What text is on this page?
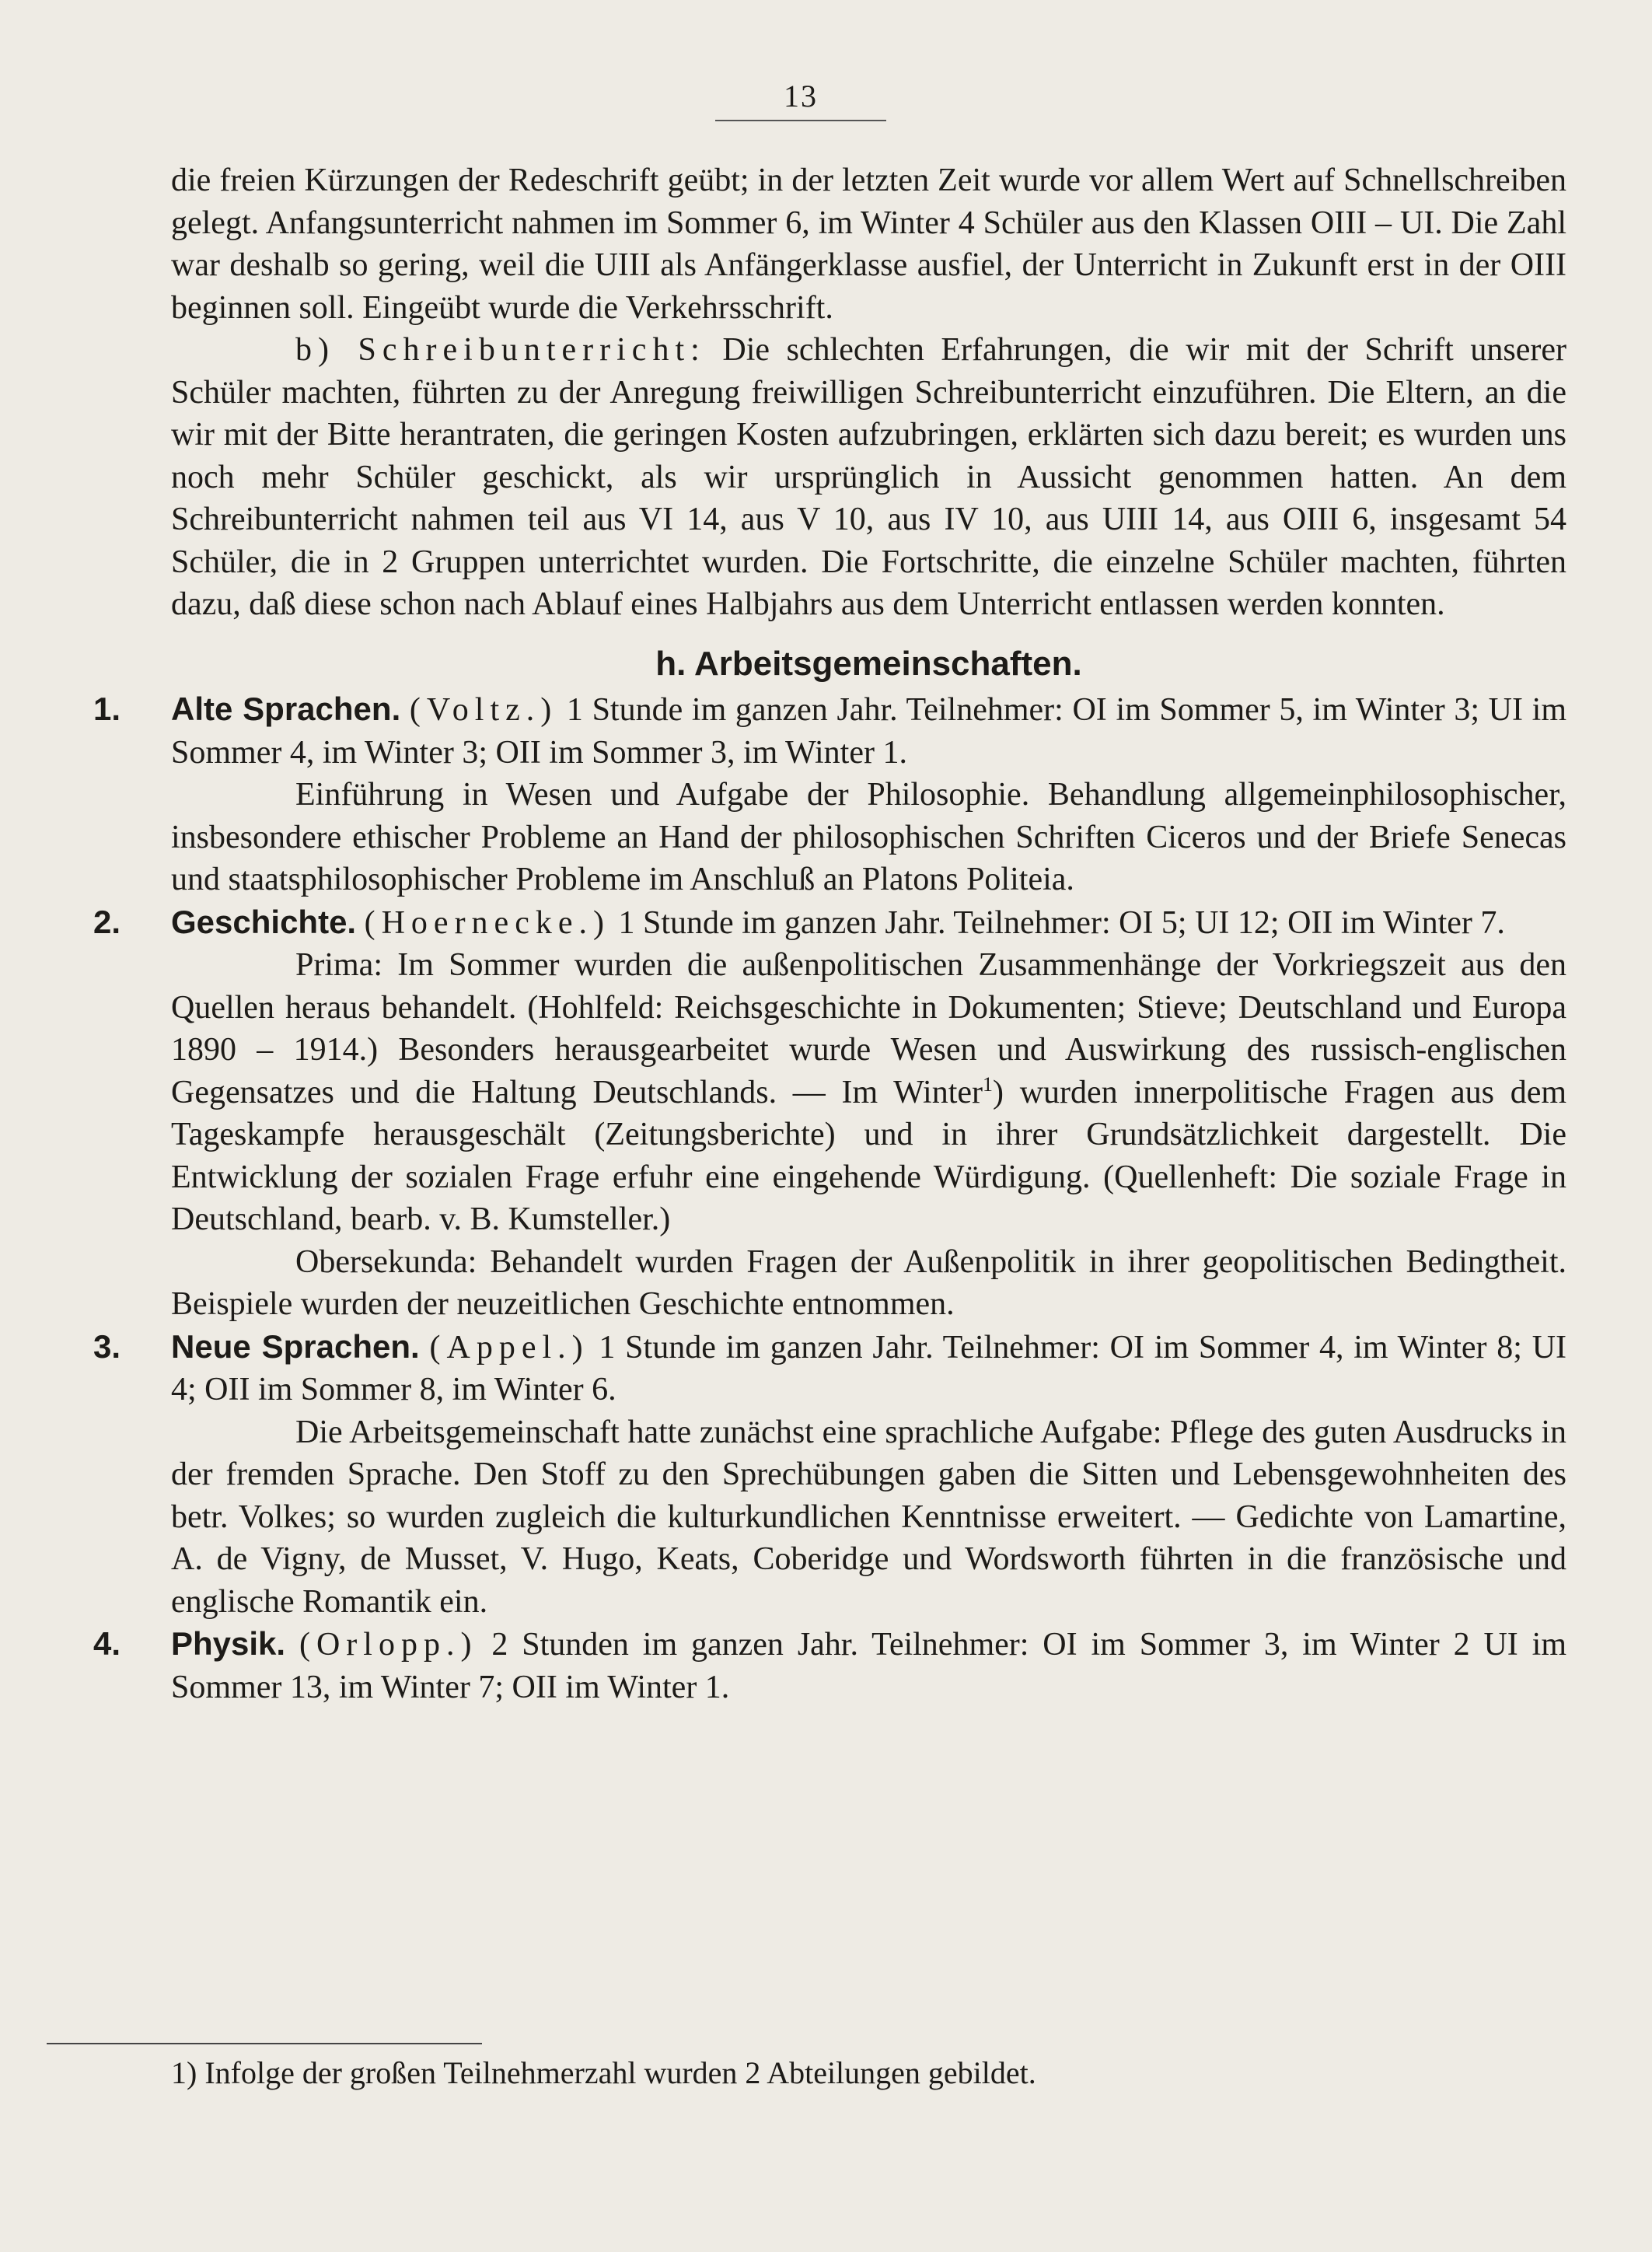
13

die freien Kürzungen der Redeschrift geübt; in der letzten Zeit wurde vor allem Wert auf Schnellschreiben gelegt. Anfangsunterricht nahmen im Sommer 6, im Winter 4 Schüler aus den Klassen OIII – UI. Die Zahl war deshalb so gering, weil die UIII als Anfängerklasse ausfiel, der Unterricht in Zukunft erst in der OIII beginnen soll. Eingeübt wurde die Verkehrsschrift.

b) Schreibunterricht: Die schlechten Erfahrungen, die wir mit der Schrift unserer Schüler machten, führten zu der Anregung freiwilligen Schreibunterricht einzuführen. Die Eltern, an die wir mit der Bitte herantraten, die geringen Kosten aufzubringen, erklärten sich dazu bereit; es wurden uns noch mehr Schüler geschickt, als wir ursprünglich in Aussicht genommen hatten. An dem Schreibunterricht nahmen teil aus VI 14, aus V 10, aus IV 10, aus UIII 14, aus OIII 6, insgesamt 54 Schüler, die in 2 Gruppen unterrichtet wurden. Die Fortschritte, die einzelne Schüler machten, führten dazu, daß diese schon nach Ablauf eines Halbjahrs aus dem Unterricht entlassen werden konnten.

h. Arbeitsgemeinschaften.
1. Alte Sprachen. (Voltz.) 1 Stunde im ganzen Jahr. Teilnehmer: OI im Sommer 5, im Winter 3; UI im Sommer 4, im Winter 3; OII im Sommer 3, im Winter 1.

Einführung in Wesen und Aufgabe der Philosophie. Behandlung allgemeinphilosophischer, insbesondere ethischer Probleme an Hand der philosophischen Schriften Ciceros und der Briefe Senecas und staatsphilosophischer Probleme im Anschluß an Platons Politeia.

2. Geschichte. (Hoernecke.) 1 Stunde im ganzen Jahr. Teilnehmer: OI 5; UI 12; OII im Winter 7.

Prima: Im Sommer wurden die außenpolitischen Zusammenhänge der Vorkriegszeit aus den Quellen heraus behandelt. (Hohlfeld: Reichsgeschichte in Dokumenten; Stieve; Deutschland und Europa 1890 – 1914.) Besonders herausgearbeitet wurde Wesen und Auswirkung des russisch-englischen Gegensatzes und die Haltung Deutschlands. — Im Winter$^1$) wurden innerpolitische Fragen aus dem Tageskampfe herausgeschält (Zeitungsberichte) und in ihrer Grundsätzlichkeit dargestellt. Die Entwicklung der sozialen Frage erfuhr eine eingehende Würdigung. (Quellenheft: Die soziale Frage in Deutschland, bearb. v. B. Kumsteller.)

Obersekunda: Behandelt wurden Fragen der Außenpolitik in ihrer geopolitischen Bedingtheit. Beispiele wurden der neuzeitlichen Geschichte entnommen.

3. Neue Sprachen. (Appel.) 1 Stunde im ganzen Jahr. Teilnehmer: OI im Sommer 4, im Winter 8; UI 4; OII im Sommer 8, im Winter 6.

Die Arbeitsgemeinschaft hatte zunächst eine sprachliche Aufgabe: Pflege des guten Ausdrucks in der fremden Sprache. Den Stoff zu den Sprechübungen gaben die Sitten und Lebensgewohnheiten des betr. Volkes; so wurden zugleich die kulturkundlichen Kenntnisse erweitert. — Gedichte von Lamartine, A. de Vigny, de Musset, V. Hugo, Keats, Coberidge und Wordsworth führten in die französische und englische Romantik ein.

4. Physik. (Orlopp.) 2 Stunden im ganzen Jahr. Teilnehmer: OI im Sommer 3, im Winter 2 UI im Sommer 13, im Winter 7; OII im Winter 1.

1) Infolge der großen Teilnehmerzahl wurden 2 Abteilungen gebildet.
